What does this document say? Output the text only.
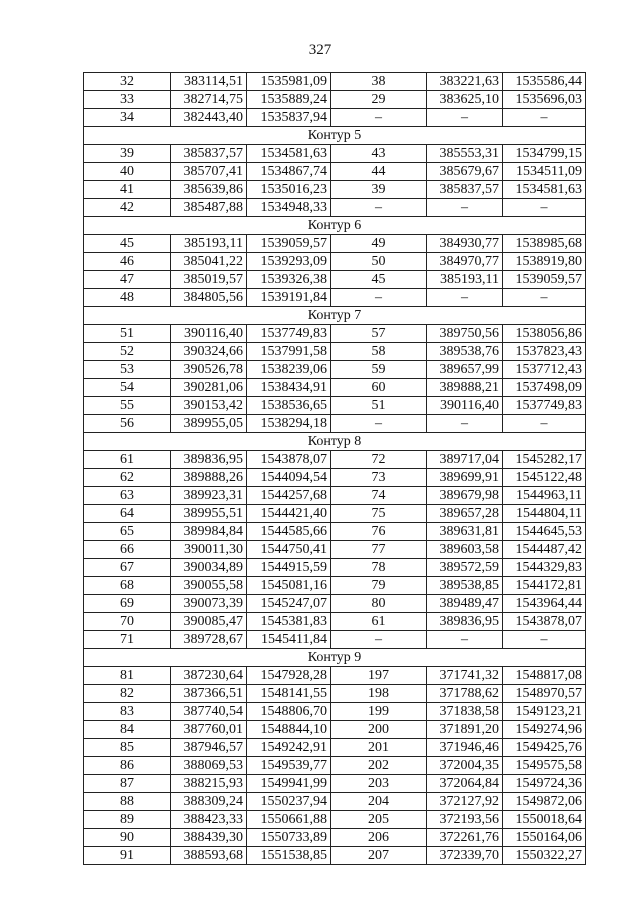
327
32	383114,51	1535981,09	38	383221,63	1535586,44
33	382714,75	1535889,24	29	383625,10	1535696,03
34	382443,40	1535837,94	–	–	–
Контур 5					
39	385837,57	1534581,63	43	385553,31	1534799,15
40	385707,41	1534867,74	44	385679,67	1534511,09
41	385639,86	1535016,23	39	385837,57	1534581,63
42	385487,88	1534948,33	–	–	–
Контур 6					
45	385193,11	1539059,57	49	384930,77	1538985,68
46	385041,22	1539293,09	50	384970,77	1538919,80
47	385019,57	1539326,38	45	385193,11	1539059,57
48	384805,56	1539191,84	–	–	–
Контур 7					
51	390116,40	1537749,83	57	389750,56	1538056,86
52	390324,66	1537991,58	58	389538,76	1537823,43
53	390526,78	1538239,06	59	389657,99	1537712,43
54	390281,06	1538434,91	60	389888,21	1537498,09
55	390153,42	1538536,65	51	390116,40	1537749,83
56	389955,05	1538294,18	–	–	–
Контур 8					
61	389836,95	1543878,07	72	389717,04	1545282,17
62	389888,26	1544094,54	73	389699,91	1545122,48
63	389923,31	1544257,68	74	389679,98	1544963,11
64	389955,51	1544421,40	75	389657,28	1544804,11
65	389984,84	1544585,66	76	389631,81	1544645,53
66	390011,30	1544750,41	77	389603,58	1544487,42
67	390034,89	1544915,59	78	389572,59	1544329,83
68	390055,58	1545081,16	79	389538,85	1544172,81
69	390073,39	1545247,07	80	389489,47	1543964,44
70	390085,47	1545381,83	61	389836,95	1543878,07
71	389728,67	1545411,84	–	–	–
Контур 9					
81	387230,64	1547928,28	197	371741,32	1548817,08
82	387366,51	1548141,55	198	371788,62	1548970,57
83	387740,54	1548806,70	199	371838,58	1549123,21
84	387760,01	1548844,10	200	371891,20	1549274,96
85	387946,57	1549242,91	201	371946,46	1549425,76
86	388069,53	1549539,77	202	372004,35	1549575,58
87	388215,93	1549941,99	203	372064,84	1549724,36
88	388309,24	1550237,94	204	372127,92	1549872,06
89	388423,33	1550661,88	205	372193,56	1550018,64
90	388439,30	1550733,89	206	372261,76	1550164,06
91	388593,68	1551538,85	207	372339,70	1550322,27
